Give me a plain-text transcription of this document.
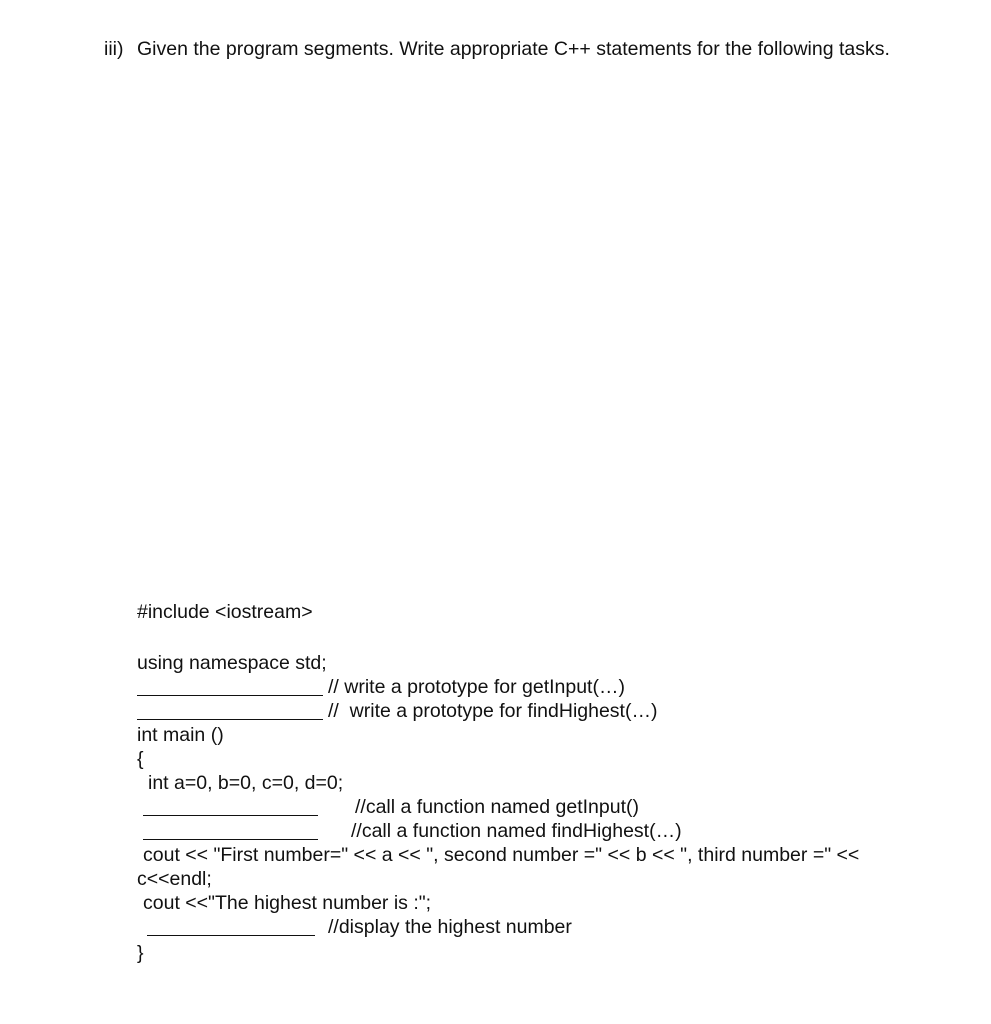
iii) Given the program segments. Write appropriate C++ statements for the following tasks.
#include <iostream>
using namespace std;
// write a prototype for getInput(…)
//  write a prototype for findHighest(…)
int main ()
{
int a=0, b=0, c=0, d=0;
//call a function named getInput()
//call a function named findHighest(…)
cout << "First number=" << a << ", second number =" << b << ", third number =" <<
c<<endl;
cout <<"The highest number is :";
//display the highest number
}
